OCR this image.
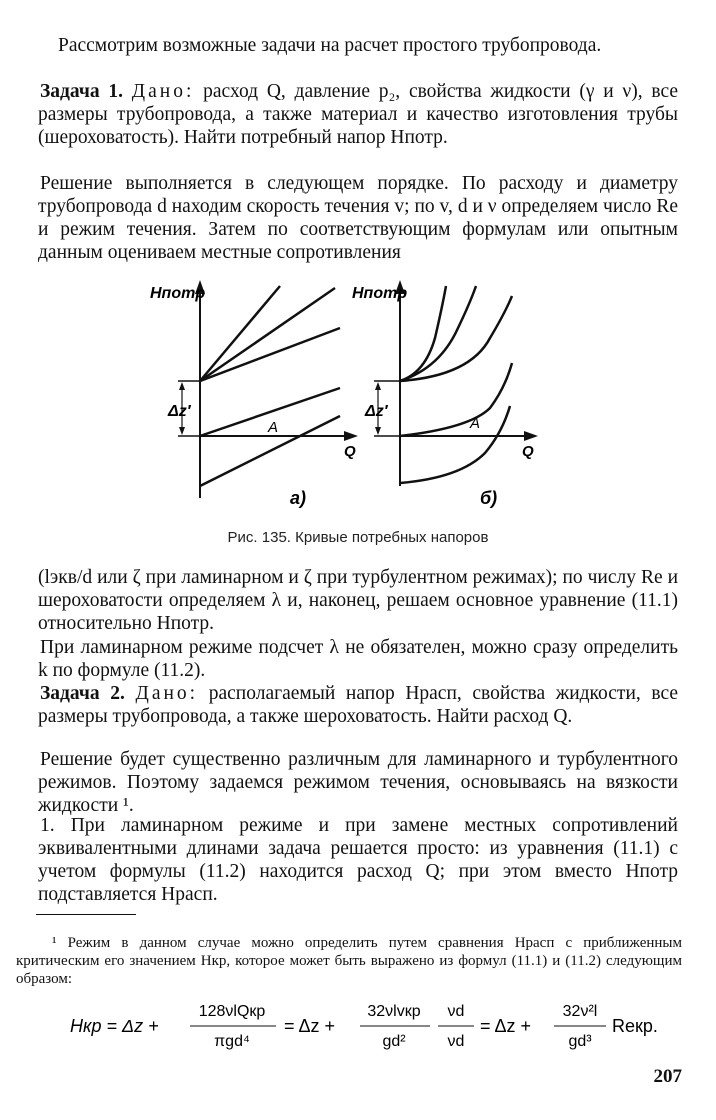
Рассмотрим возможные задачи на расчет простого трубопровода.

Задача 1. Дано: расход Q, давление p₂, свойства жидкости (γ и ν), все размеры трубопровода, а также материал и качество изготовления трубы (шероховатость). Найти потребный напор Hпотр.

Решение выполняется в следующем порядке. По расходу и диаметру трубопровода d находим скорость течения v; по v, d и ν определяем число Re и режим течения. Затем по соответствующим формулам или опытным данным оцениваем местные сопротивления

Hпотр
Δz′
Q
A
а)
Hпотр
Δz′
Q
A
б)
Рис. 135. Кривые потребных напоров

(lэкв/d или ζ при ламинарном и ζ при турбулентном режимах); по числу Re и шероховатости определяем λ и, наконец, решаем основное уравнение (11.1) относительно Hпотр.

При ламинарном режиме подсчет λ не обязателен, можно сразу определить k по формуле (11.2).

Задача 2. Дано: располагаемый напор Hрасп, свойства жидкости, все размеры трубопровода, а также шероховатость. Найти расход Q.

Решение будет существенно различным для ламинарного и турбулентного режимов. Поэтому задаемся режимом течения, основываясь на вязкости жидкости ¹.

1. При ламинарном режиме и при замене местных сопротивлений эквивалентными длинами задача решается просто: из уравнения (11.1) с учетом формулы (11.2) находится расход Q; при этом вместо Hпотр подставляется Hрасп.

¹ Режим в данном случае можно определить путем сравнения Hрасп с приближенным критическим его значением Hкр, которое может быть выражено из формул (11.1) и (11.2) следующим образом:

Hкр = Δz +
128νlQкр
πgd⁴
= Δz +
32νlvкр
gd²
νd
νd
= Δz +
32ν²l
gd³
Reкр.
207
